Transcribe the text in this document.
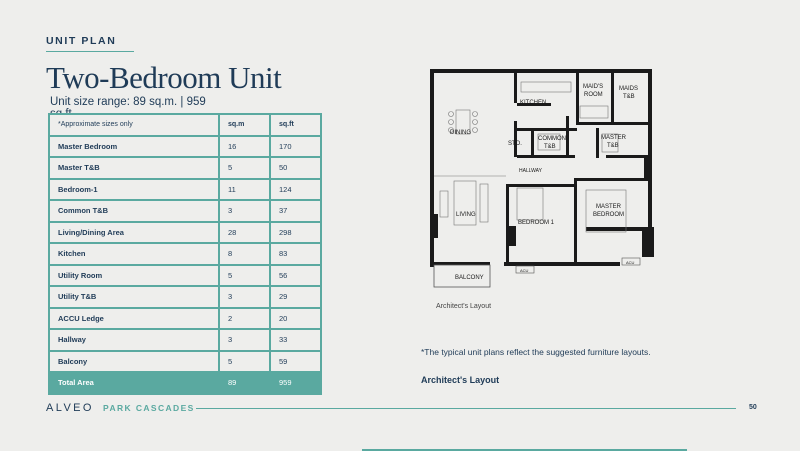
UNIT PLAN
Two-Bedroom Unit
Unit size range: 89 sq.m. | 959
*Approximate sizes only	sq.m	sq.ft
Master Bedroom	16	170
Master T&B	5	50
Bedroom-1	11	124
Common T&B	3	37
Living/Dining Area	28	298
Kitchen	8	83
Utility Room	5	56
Utility T&B	3	29
ACCU Ledge	2	20
Hallway	3	33
Balcony	5	59
Total Area	89	959
KITCHEN
MAID'S
ROOM
MAIDS
T&B
DINING
STO.
COMMON
T&B
MASTER
T&B
HALLWAY
LIVING
BEDROOM 1
MASTER
BEDROOM
BALCONY
ACU
ACU
Architect's Layout
*The typical unit plans reflect the suggested furniture layouts.
Architect's Layout
ALVEO PARK CASCADES	50
